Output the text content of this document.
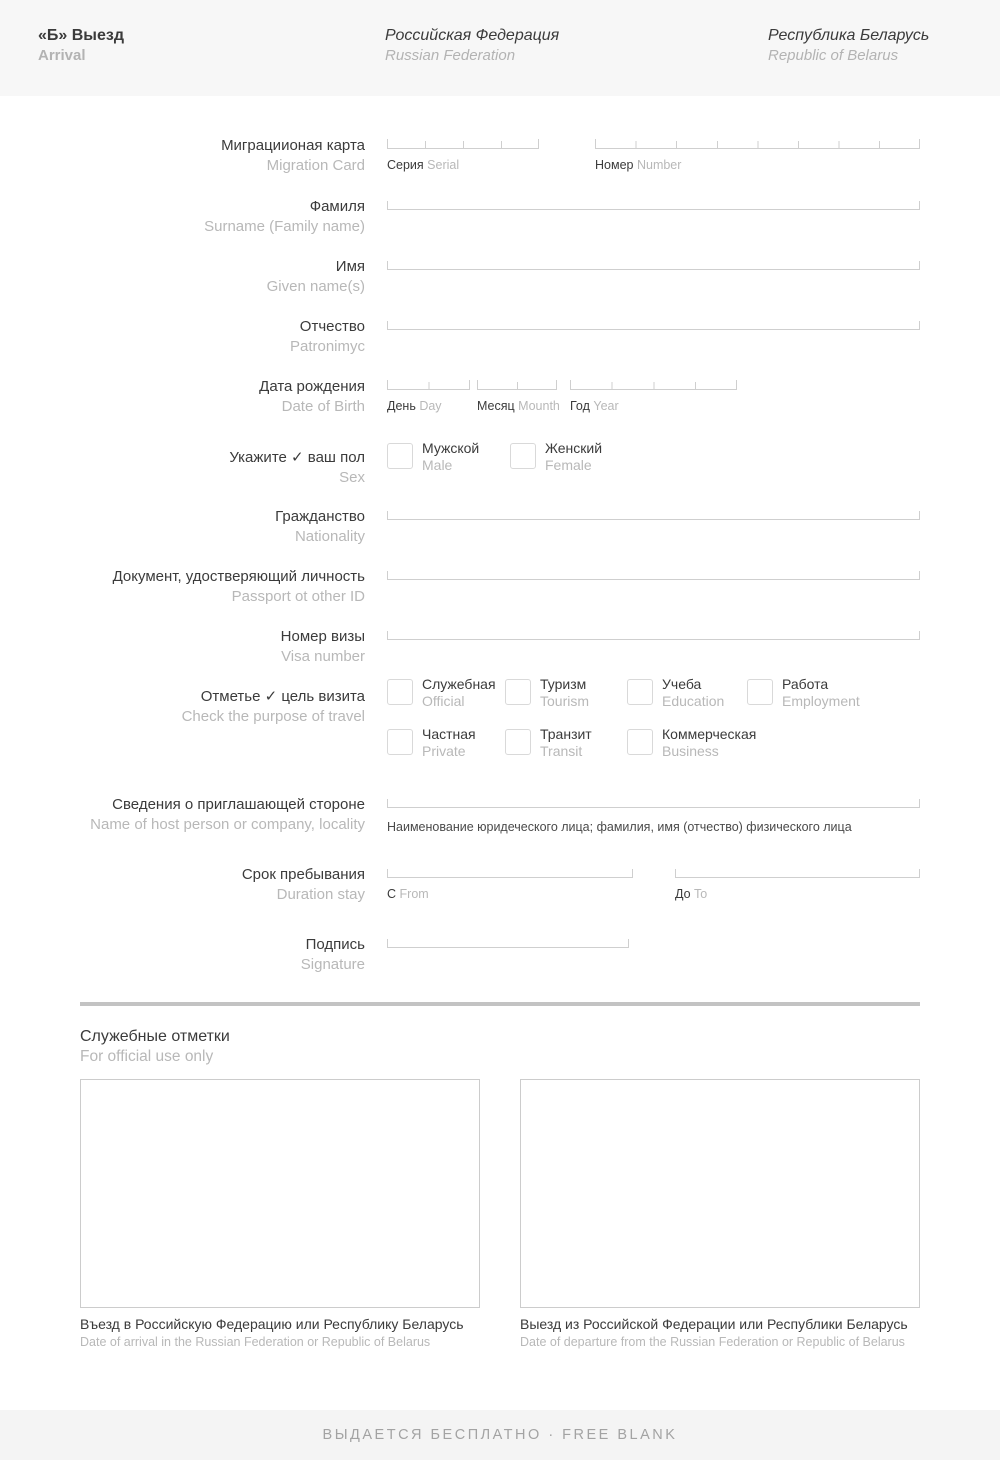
«Б» Выезд
Arrival
Российская Федерация
Russian Federation
Республика Беларусь
Republic of Belarus
Миграциионая карта
Migration Card Серия Serial	Номер Number
Фамиля
Surname (Family name)
Имя
Given name(s)
Отчество
Patronimyc
Дата рождения
Date of Birth День Day	Месяц Mounth Год Year
Укажите ✓ ваш пол
Sex
Мужской
Male
Женский
Female
Гражданство
Nationality
Документ, удостверяющий личность
Passport ot other ID
Номер визы
Visa number
Отметье ✓ цель визита
Check the purpose of travel
Служебная
Official
Туризм
Tourism
Учеба
Education
Работа
Employment
Частная
Private
Транзит
Transit
Коммерческая
Business
Сведения о приглашающей стороне
Name of host person or company, locality Наименование юридеческого лица; фамилия, имя (отчество) физического лица
Срок пребывания
Duration stay С From	До To
Подпись
Signature
Служебные отметки
For official use only
Въезд в Российскую Федерацию или Республику Беларусь
Date of arrival in the Russian Federation or Republic of Belarus
Выезд из Российской Федерации или Республики Беларусь
Date of departure from the Russian Federation or Republic of Belarus
ВЫДАЕТСЯ БЕСПЛАТНО · FREE BLANK
